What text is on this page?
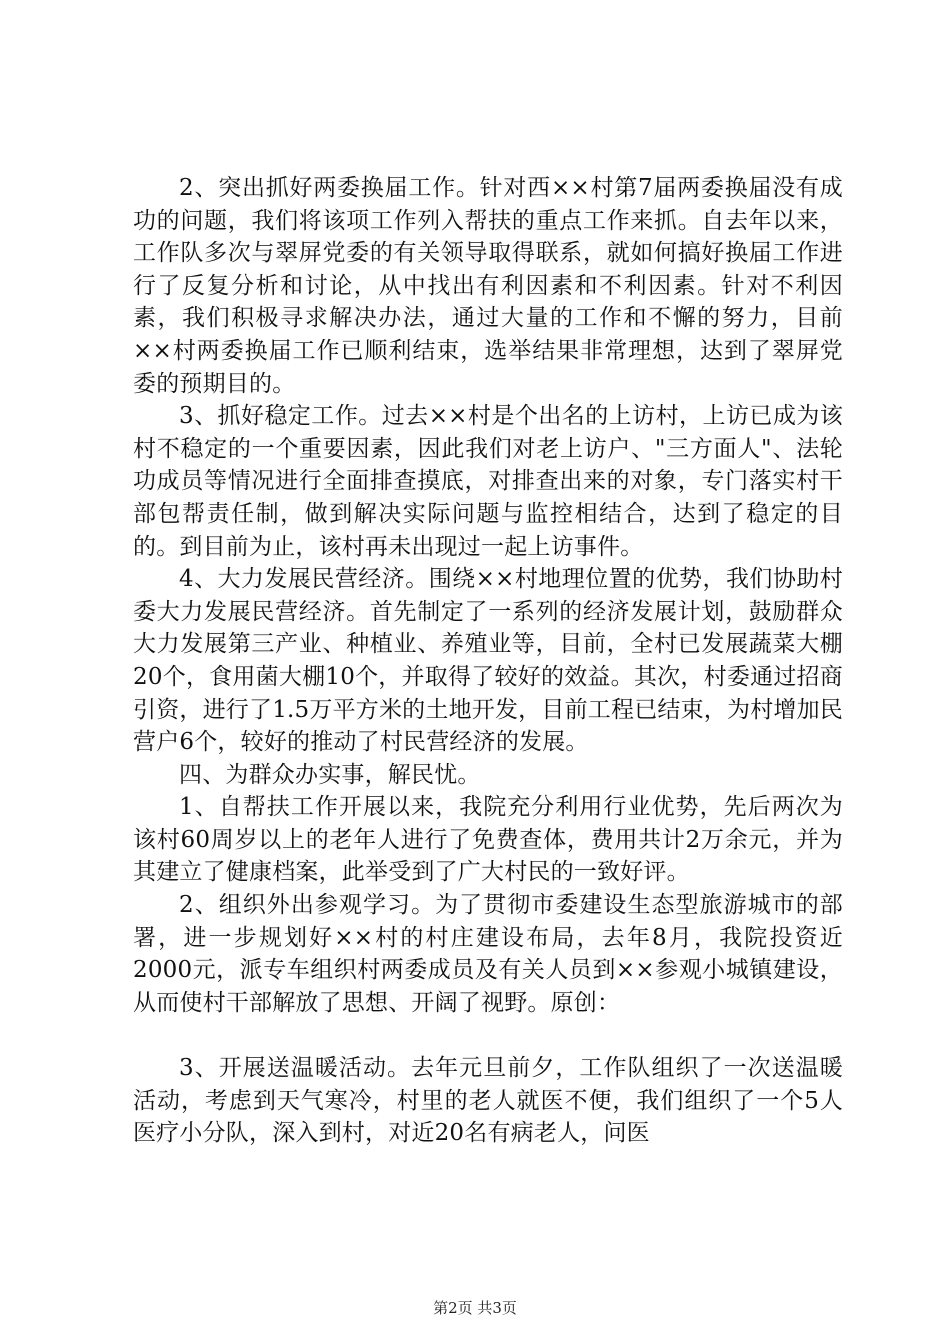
2、突出抓好两委换届工作。针对西××村第7届两委换届没有成功的问题，我们将该项工作列入帮扶的重点工作来抓。自去年以来，工作队多次与翠屏党委的有关领导取得联系，就如何搞好换届工作进行了反复分析和讨论，从中找出有利因素和不利因素。针对不利因素，我们积极寻求解决办法，通过大量的工作和不懈的努力，目前××村两委换届工作已顺利结束，选举结果非常理想，达到了翠屏党委的预期目的。

3、抓好稳定工作。过去××村是个出名的上访村，上访已成为该村不稳定的一个重要因素，因此我们对老上访户、"三方面人"、法轮功成员等情况进行全面排查摸底，对排查出来的对象，专门落实村干部包帮责任制，做到解决实际问题与监控相结合，达到了稳定的目的。到目前为止，该村再未出现过一起上访事件。

4、大力发展民营经济。围绕××村地理位置的优势，我们协助村委大力发展民营经济。首先制定了一系列的经济发展计划，鼓励群众大力发展第三产业、种植业、养殖业等，目前，全村已发展蔬菜大棚20个，食用菌大棚10个，并取得了较好的效益。其次，村委通过招商引资，进行了1.5万平方米的土地开发，目前工程已结束，为村增加民营户6个，较好的推动了村民营经济的发展。

四、为群众办实事，解民忧。

1、自帮扶工作开展以来，我院充分利用行业优势，先后两次为该村60周岁以上的老年人进行了免费查体，费用共计2万余元，并为其建立了健康档案，此举受到了广大村民的一致好评。

2、组织外出参观学习。为了贯彻市委建设生态型旅游城市的部署，进一步规划好××村的村庄建设布局，去年8月，我院投资近2000元，派专车组织村两委成员及有关人员到××参观小城镇建设，从而使村干部解放了思想、开阔了视野。原创：

3、开展送温暖活动。去年元旦前夕，工作队组织了一次送温暖活动，考虑到天气寒冷，村里的老人就医不便，我们组织了一个5人医疗小分队，深入到村，对近20名有病老人，问医

第2页 共3页
